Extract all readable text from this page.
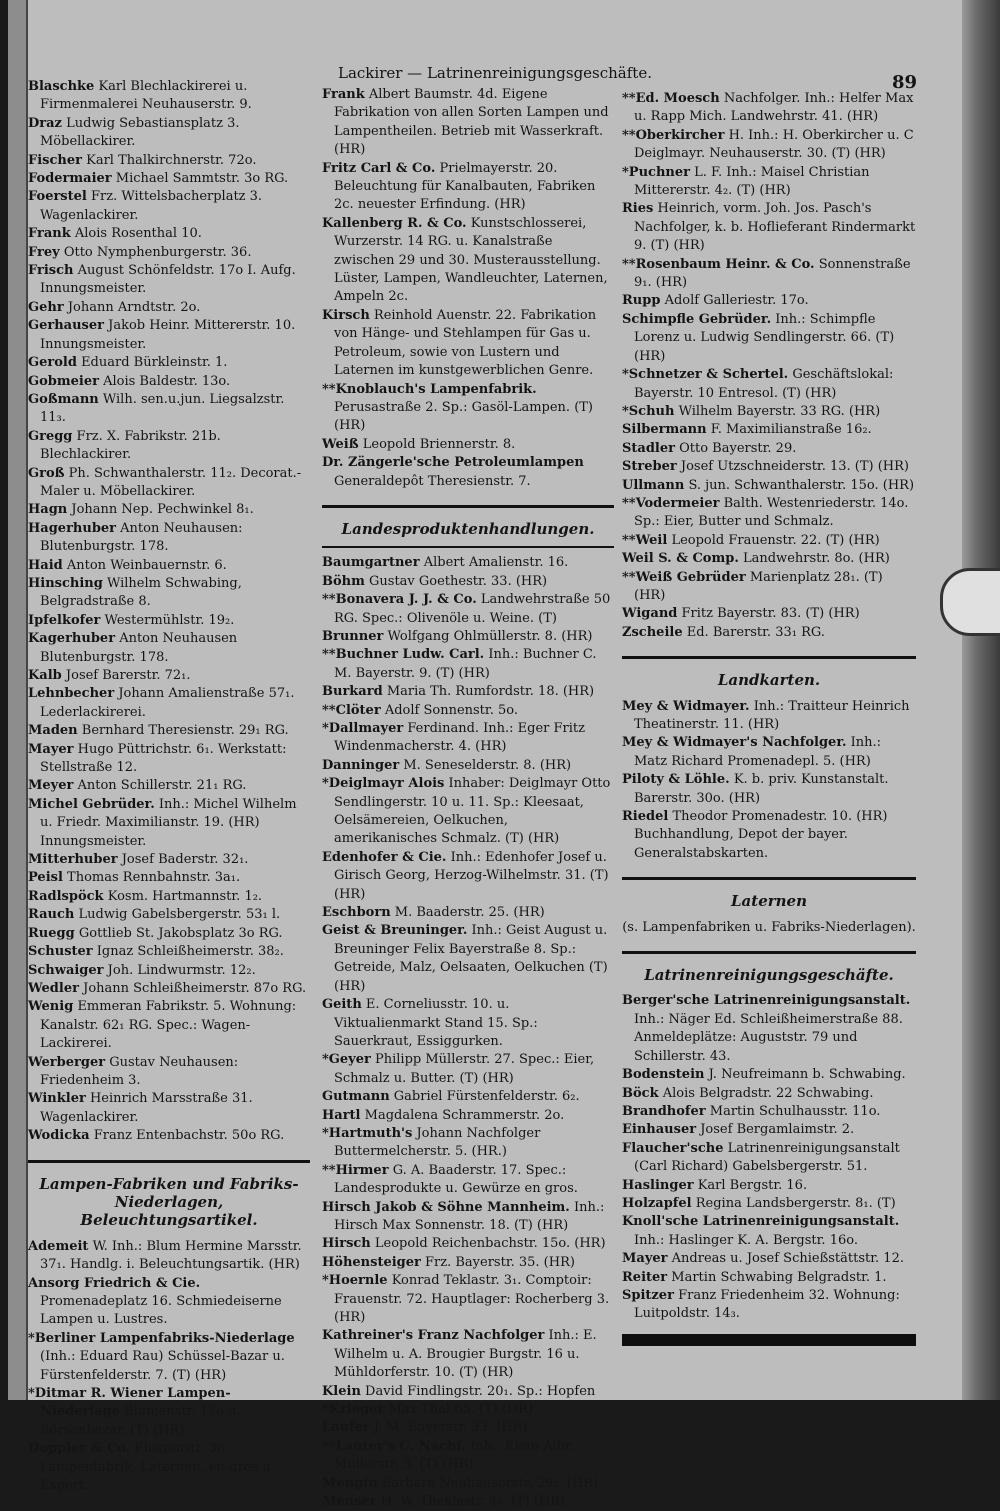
Lackirer — Latrinenreinigungsgeschäfte.	89

Blaschke Karl Blechlackirerei u. Firmenmalerei Neuhauserstr. 9.

Draz Ludwig Sebastiansplatz 3. Möbellackirer.

Fischer Karl Thalkirchnerstr. 72o.

Fodermaier Michael Sammtstr. 3o RG.

Foerstel Frz. Wittelsbacherplatz 3. Wagenlackirer.

Frank Alois Rosenthal 10.

Frey Otto Nymphenburgerstr. 36.

Frisch August Schönfeldstr. 17o I. Aufg. Innungsmeister.

Gehr Johann Arndtstr. 2o.

Gerhauser Jakob Heinr. Mittererstr. 10. Innungsmeister.

Gerold Eduard Bürkleinstr. 1.

Gobmeier Alois Baldestr. 13o.

Goßmann Wilh. sen.u.jun. Liegsalzstr. 11₃.

Gregg Frz. X. Fabrikstr. 21b. Blechlackirer.

Groß Ph. Schwanthalerstr. 11₂. Decorat.-Maler u. Möbellackirer.

Hagn Johann Nep. Pechwinkel 8₁.

Hagerhuber Anton Neuhausen: Blutenburgstr. 178.

Haid Anton Weinbauernstr. 6.

Hinsching Wilhelm Schwabing, Belgradstraße 8.

Ipfelkofer Westermühlstr. 19₂.

Kagerhuber Anton Neuhausen Blutenburgstr. 178.

Kalb Josef Barerstr. 72₁.

Lehnbecher Johann Amalienstraße 57₁. Lederlackirerei.

Maden Bernhard Theresienstr. 29₁ RG.

Mayer Hugo Püttrichstr. 6₁. Werkstatt: Stellstraße 12.

Meyer Anton Schillerstr. 21₁ RG.

Michel Gebrüder. Inh.: Michel Wilhelm u. Friedr. Maximilianstr. 19. (HR) Innungsmeister.

Mitterhuber Josef Baderstr. 32₁.

Peisl Thomas Rennbahnstr. 3a₁.

Radlspöck Kosm. Hartmannstr. 1₂.

Rauch Ludwig Gabelsbergerstr. 53₁ l.

Ruegg Gottlieb St. Jakobsplatz 3o RG.

Schuster Ignaz Schleißheimerstr. 38₂.

Schwaiger Joh. Lindwurmstr. 12₂.

Wedler Johann Schleißheimerstr. 87o RG.

Wenig Emmeran Fabrikstr. 5. Wohnung: Kanalstr. 62₁ RG. Spec.: Wagen-Lackirerei.

Werberger Gustav Neuhausen: Friedenheim 3.

Winkler Heinrich Marsstraße 31. Wagenlackirer.

Wodicka Franz Entenbachstr. 50o RG.

Lampen-Fabriken und Fabriks-Niederlagen, Beleuchtungsartikel.

Ademeit W. Inh.: Blum Hermine Marsstr. 37₁. Handlg. i. Beleuchtungsartik. (HR)

Ansorg Friedrich & Cie. Promenadeplatz 16. Schmiedeiserne Lampen u. Lustres.

*Berliner Lampenfabriks-Niederlage (Inh.: Eduard Rau) Schüssel-Bazar u. Fürstenfelderstr. 7. (T) (HR)

*Ditmar R. Wiener Lampen-Niederlage Blumenstr. 17o u. Börsenbazar. (T) (HR)

Doppler & Co. Fliegenstr. 3o. Lampenfabrik, Laternen, en-gros u. Export.

Frank Albert Baumstr. 4d. Eigene Fabrikation von allen Sorten Lampen und Lampentheilen. Betrieb mit Wasserkraft. (HR)

Fritz Carl & Co. Prielmayerstr. 20. Beleuchtung für Kanalbauten, Fabriken 2c. neuester Erfindung. (HR)

Kallenberg R. & Co. Kunstschlosserei, Wurzerstr. 14 RG. u. Kanalstraße zwischen 29 und 30. Musterausstellung. Lüster, Lampen, Wandleuchter, Laternen, Ampeln 2c.

Kirsch Reinhold Auenstr. 22. Fabrikation von Hänge- und Stehlampen für Gas u. Petroleum, sowie von Lustern und Laternen im kunstgewerblichen Genre.

**Knoblauch's Lampenfabrik. Perusastraße 2. Sp.: Gasöl-Lampen. (T) (HR)

Weiß Leopold Briennerstr. 8.

Dr. Zängerle'sche Petroleumlampen Generaldepôt Theresienstr. 7.

Landesproduktenhandlungen.

Baumgartner Albert Amalienstr. 16.

Böhm Gustav Goethestr. 33. (HR)

**Bonavera J. J. & Co. Landwehrstraße 50 RG. Spec.: Olivenöle u. Weine. (T)

Brunner Wolfgang Ohlmüllerstr. 8. (HR)

**Buchner Ludw. Carl. Inh.: Buchner C. M. Bayerstr. 9. (T) (HR)

Burkard Maria Th. Rumfordstr. 18. (HR)

**Clöter Adolf Sonnenstr. 5o.

*Dallmayer Ferdinand. Inh.: Eger Fritz Windenmacherstr. 4. (HR)

Danninger M. Seneselderstr. 8. (HR)

*Deiglmayr Alois Inhaber: Deiglmayr Otto Sendlingerstr. 10 u. 11. Sp.: Kleesaat, Oelsämereien, Oelkuchen, amerikanisches Schmalz. (T) (HR)

Edenhofer & Cie. Inh.: Edenhofer Josef u. Girisch Georg, Herzog-Wilhelmstr. 31. (T) (HR)

Eschborn M. Baaderstr. 25. (HR)

Geist & Breuninger. Inh.: Geist August u. Breuninger Felix Bayerstraße 8. Sp.: Getreide, Malz, Oelsaaten, Oelkuchen (T) (HR)

Geith E. Corneliusstr. 10. u. Viktualienmarkt Stand 15. Sp.: Sauerkraut, Essiggurken.

*Geyer Philipp Müllerstr. 27. Spec.: Eier, Schmalz u. Butter. (T) (HR)

Gutmann Gabriel Fürstenfelderstr. 6₂.

Hartl Magdalena Schrammerstr. 2o.

*Hartmuth's Johann Nachfolger Buttermelcherstr. 5. (HR.)

**Hirmer G. A. Baaderstr. 17. Spec.: Landesprodukte u. Gewürze en gros.

Hirsch Jakob & Söhne Mannheim. Inh.: Hirsch Max Sonnenstr. 18. (T) (HR)

Hirsch Leopold Reichenbachstr. 15o. (HR)

Höhensteiger Frz. Bayerstr. 35. (HR)

*Hoernle Konrad Teklastr. 3₁. Comptoir: Frauenstr. 72. Hauptlager: Rocherberg 3. (HR)

Kathreiner's Franz Nachfolger Inh.: E. Wilhelm u. A. Brougier Burgstr. 16 u. Mühldorferstr. 10. (T) (HR)

Klein David Findlingstr. 20₁. Sp.: Hopfen

*Krieger Max Thal 65. (T) (HR)

Laufer J. M. Bayerstr. 33. (HR)

**Lauter's C. Nachf. Inh.: Klein Albr. Müllerstr. 3. (T) (HR)

Mengin Barbara Neuhauserstr. 29₂. (HR)

Meuser H. W. Theklastr. 4₁. (T) (HR)

**Ed. Moesch Nachfolger. Inh.: Helfer Max u. Rapp Mich. Landwehrstr. 41. (HR)

**Oberkircher H. Inh.: H. Oberkircher u. C Deiglmayr. Neuhauserstr. 30. (T) (HR)

*Puchner L. F. Inh.: Maisel Christian Mittererstr. 4₂. (T) (HR)

Ries Heinrich, vorm. Joh. Jos. Pasch's Nachfolger, k. b. Hoflieferant Rindermarkt 9. (T) (HR)

**Rosenbaum Heinr. & Co. Sonnenstraße 9₁. (HR)

Rupp Adolf Galleriestr. 17o.

Schimpfle Gebrüder. Inh.: Schimpfle Lorenz u. Ludwig Sendlingerstr. 66. (T) (HR)

*Schnetzer & Schertel. Geschäftslokal: Bayerstr. 10 Entresol. (T) (HR)

*Schuh Wilhelm Bayerstr. 33 RG. (HR)

Silbermann F. Maximilianstraße 16₂.

Stadler Otto Bayerstr. 29.

Streber Josef Utzschneiderstr. 13. (T) (HR)

Ullmann S. jun. Schwanthalerstr. 15o. (HR)

**Vodermeier Balth. Westenriederstr. 14o. Sp.: Eier, Butter und Schmalz.

**Weil Leopold Frauenstr. 22. (T) (HR)

Weil S. & Comp. Landwehrstr. 8o. (HR)

**Weiß Gebrüder Marienplatz 28₁. (T) (HR)

Wigand Fritz Bayerstr. 83. (T) (HR)

Zscheile Ed. Barerstr. 33₁ RG.

Landkarten.

Mey & Widmayer. Inh.: Traitteur Heinrich Theatinerstr. 11. (HR)

Mey & Widmayer's Nachfolger. Inh.: Matz Richard Promenadepl. 5. (HR)

Piloty & Löhle. K. b. priv. Kunstanstalt. Barerstr. 30o. (HR)

Riedel Theodor Promenadestr. 10. (HR) Buchhandlung, Depot der bayer. Generalstabskarten.

Laternen

(s. Lampenfabriken u. Fabriks-Niederlagen).

Latrinenreinigungsgeschäfte.

Berger'sche Latrinenreinigungsanstalt. Inh.: Näger Ed. Schleißheimerstraße 88. Anmeldeplätze: Auguststr. 79 und Schillerstr. 43.

Bodenstein J. Neufreimann b. Schwabing.

Böck Alois Belgradstr. 22 Schwabing.

Brandhofer Martin Schulhausstr. 11o.

Einhauser Josef Bergamlaimstr. 2.

Flaucher'sche Latrinenreinigungsanstalt (Carl Richard) Gabelsbergerstr. 51.

Haslinger Karl Bergstr. 16.

Holzapfel Regina Landsbergerstr. 8₁. (T)

Knoll'sche Latrinenreinigungsanstalt. Inh.: Haslinger K. A. Bergstr. 16o.

Mayer Andreas u. Josef Schießstättstr. 12.

Reiter Martin Schwabing Belgradstr. 1.

Spitzer Franz Friedenheim 32. Wohnung: Luitpoldstr. 14₃.
